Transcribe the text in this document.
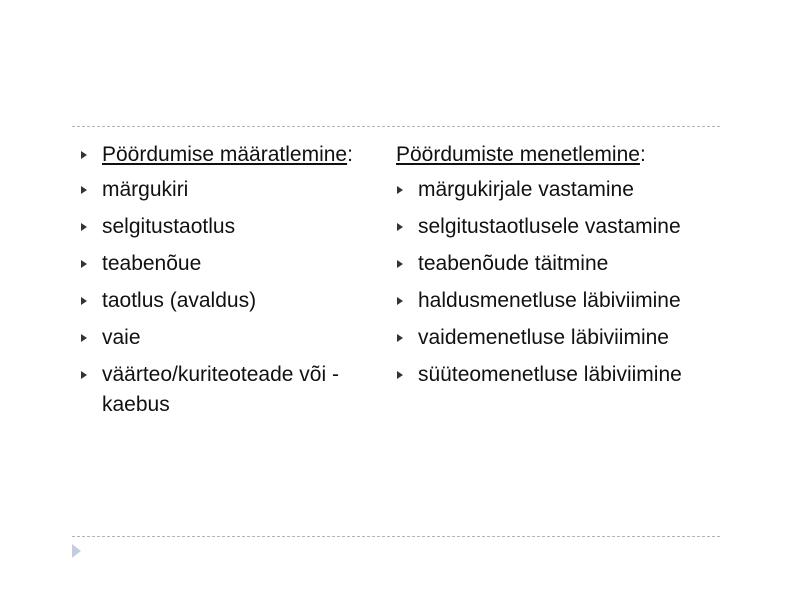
Pöördumise määratlemine:
märgukiri
selgitustaotlus
teabenõue
taotlus (avaldus)
vaie
väärteo/kuriteoteade või -kaebus
Pöördumiste menetlemine:
märgukirjale vastamine
selgitustaotlusele vastamine
teabenõude täitmine
haldusmenetluse läbiviimine
vaidemenetluse läbiviimine
süüteomenetluse läbiviimine
